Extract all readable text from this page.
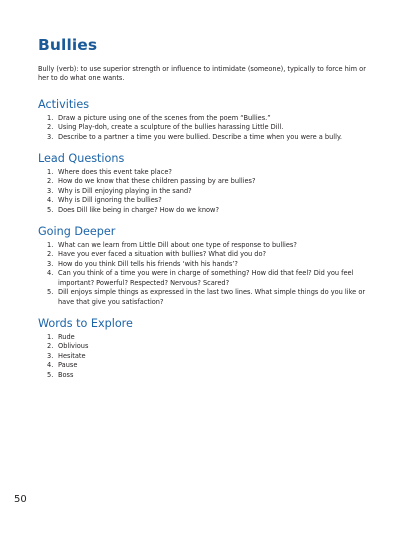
Bullies

Bully (verb): to use superior strength or influence to intimidate (someone), typically to force him or her to do what one wants.

Activities
1. Draw a picture using one of the scenes from the poem “Bullies.”
2. Using Play-doh, create a sculpture of the bullies harassing Little Dill.
3. Describe to a partner a time you were bullied. Describe a time when you were a bully.
Lead Questions
1. Where does this event take place?
2. How do we know that these children passing by are bullies?
3. Why is Dill enjoying playing in the sand?
4. Why is Dill ignoring the bullies?
5. Does Dill like being in charge? How do we know?
Going Deeper
1. What can we learn from Little Dill about one type of response to bullies?
2. Have you ever faced a situation with bullies? What did you do?
3. How do you think Dill tells his friends ‘with his hands’?
4. Can you think of a time you were in charge of something? How did that feel? Did you feel important? Powerful? Respected? Nervous? Scared?
5. Dill enjoys simple things as expressed in the last two lines. What simple things do you like or have that give you satisfaction?
Words to Explore
1. Rude
2. Oblivious
3. Hesitate
4. Pause
5. Boss
50
